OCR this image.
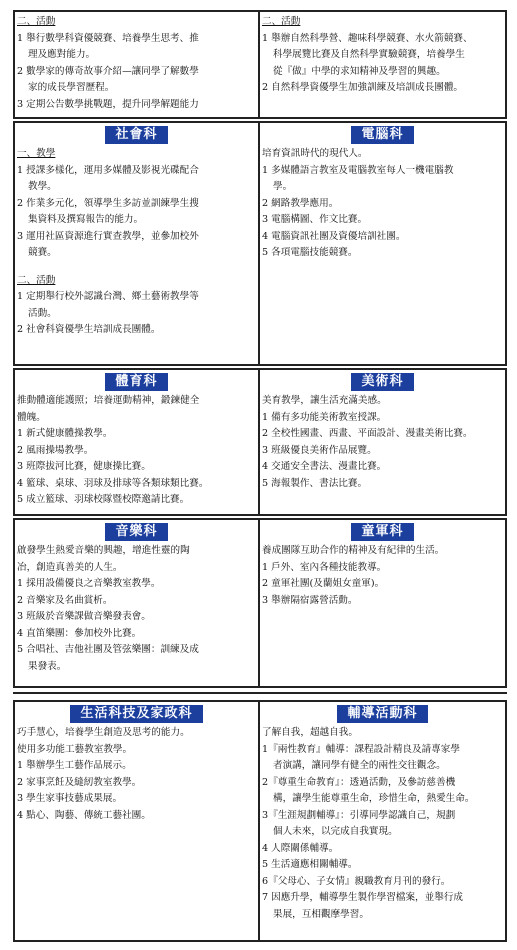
二、活動
1 舉行數學科資優競賽、培養學生思考、推
理及應對能力。
2 數學家的傳奇故事介紹—讓同學了解數學
家的成長學習歷程。
3 定期公告數學挑戰題，提升同學解題能力
二、活動
1 舉辦自然科學營、趣味科學競賽、水火箭競賽、
科學展覽比賽及自然科學實驗競賽，培養學生
從『做』中學的求知精神及學習的興趣。
2 自然科學資優學生加強訓練及培訓成長團體。
社會科
一、教學
1 授課多樣化，運用多媒體及影視光碟配合
教學。
2 作業多元化，領導學生多訪並訓練學生搜
集資料及撰寫報告的能力。
3 運用社區資源進行實查教學，並參加校外
競賽。
二、活動
1 定期舉行校外認識台灣、鄉土藝術教學等
活動。
2 社會科資優學生培訓成長團體。
電腦科
培育資訊時代的現代人。
1 多媒體語言教室及電腦教室每人一機電腦教
學。
2 網路教學應用。
3 電腦構圖、作文比賽。
4 電腦資訊社團及資優培訓社團。
5 各項電腦技能競賽。
體育科
推動體適能護照；培養運動精神，鍛鍊健全
體魄。
1 新式健康體操教學。
2 風雨操場教學。
3 班際拔河比賽，健康操比賽。
4 籃球、桌球、羽球及排球等各類球類比賽。
5 成立籃球、羽球校隊暨校際邀請比賽。
美術科
美育教學，讓生活充滿美感。
1 備有多功能美術教室授課。
2 全校性國畫、西畫、平面設計、漫畫美術比賽。
3 班級優良美術作品展覽。
4 交通安全書法、漫畫比賽。
5 海報製作、書法比賽。
音樂科
啟發學生熱愛音樂的興趣，增進性靈的陶
冶，創造真善美的人生。
1 採用設備優良之音樂教室教學。
2 音樂家及名曲賞析。
3 班級於音樂課做音樂發表會。
4 直笛樂團：參加校外比賽。
5 合唱社、吉他社團及管弦樂團：訓練及成
果發表。
童軍科
養成團隊互助合作的精神及有紀律的生活。
1 戶外、室內各種技能教導。
2 童軍社團(及蘭姐女童軍)。
3 舉辦隔宿露營活動。
生活科技及家政科
巧手慧心，培養學生創造及思考的能力。
使用多功能工藝教室教學。
1 舉辦學生工藝作品展示。
2 家事烹飪及縫紉教室教學。
3 學生家事技藝成果展。
4 點心、陶藝、傳統工藝社團。
輔導活動科
了解自我，超越自我。
1『兩性教育』輔導：課程設計精良及請專家學
者演講，讓同學有健全的兩性交往觀念。
2『尊重生命教育』：透過活動，及參訪慈善機
構，讓學生能尊重生命，珍惜生命，熱愛生命。
3『生涯規劃輔導』：引導同學認識自己，規劃
個人未來，以完成自我實現。
4 人際關係輔導。
5 生活適應相關輔導。
6『父母心、子女情』親職教育月刊的發行。
7 因應升學，輔導學生製作學習檔案，並舉行成
果展，互相觀摩學習。
